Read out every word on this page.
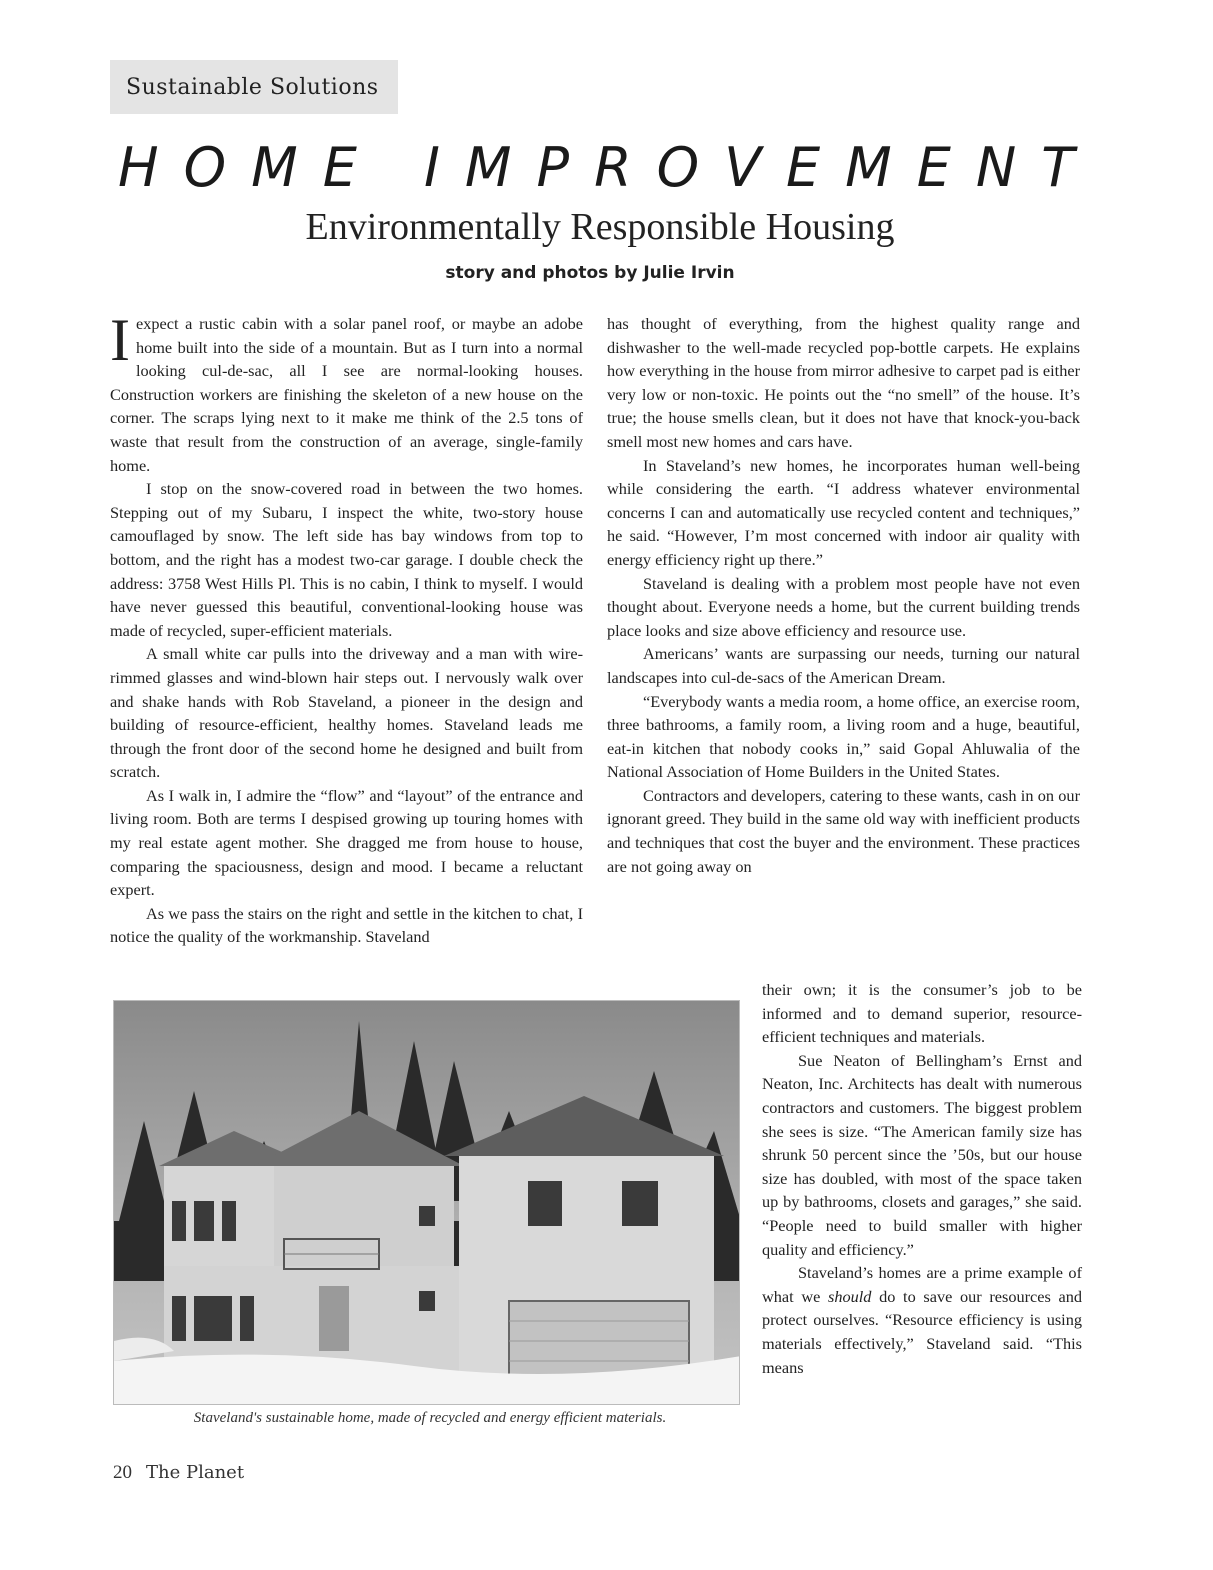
Sustainable Solutions
HOME IMPROVEMENT
Environmentally Responsible Housing
story and photos by Julie Irvin

I expect a rustic cabin with a solar panel roof, or maybe an adobe home built into the side of a mountain. But as I turn into a normal looking cul-de-sac, all I see are normal-looking houses. Construction workers are finishing the skeleton of a new house on the corner. The scraps lying next to it make me think of the 2.5 tons of waste that result from the construction of an average, single-family home.

I stop on the snow-covered road in between the two homes. Stepping out of my Subaru, I inspect the white, two-story house camouflaged by snow. The left side has bay windows from top to bottom, and the right has a modest two-car garage. I double check the address: 3758 West Hills Pl. This is no cabin, I think to myself. I would have never guessed this beautiful, conventional-looking house was made of recycled, super-efficient materials.

A small white car pulls into the driveway and a man with wire-rimmed glasses and wind-blown hair steps out. I nervously walk over and shake hands with Rob Staveland, a pioneer in the design and building of resource-efficient, healthy homes. Staveland leads me through the front door of the second home he designed and built from scratch.

As I walk in, I admire the “flow” and “layout” of the entrance and living room. Both are terms I despised growing up touring homes with my real estate agent mother. She dragged me from house to house, comparing the spaciousness, design and mood. I became a reluctant expert.

As we pass the stairs on the right and settle in the kitchen to chat, I notice the quality of the workmanship. Staveland

has thought of everything, from the highest quality range and dishwasher to the well-made recycled pop-bottle carpets. He explains how everything in the house from mirror adhesive to carpet pad is either very low or non-toxic. He points out the “no smell” of the house. It’s true; the house smells clean, but it does not have that knock-you-back smell most new homes and cars have.

In Staveland’s new homes, he incorporates human well-being while considering the earth. “I address whatever environmental concerns I can and automatically use recycled content and techniques,” he said. “However, I’m most concerned with indoor air quality with energy efficiency right up there.”

Staveland is dealing with a problem most people have not even thought about. Everyone needs a home, but the current building trends place looks and size above efficiency and resource use.

Americans’ wants are surpassing our needs, turning our natural landscapes into cul-de-sacs of the American Dream.

“Everybody wants a media room, a home office, an exercise room, three bathrooms, a family room, a living room and a huge, beautiful, eat-in kitchen that nobody cooks in,” said Gopal Ahluwalia of the National Association of Home Builders in the United States.

Contractors and developers, catering to these wants, cash in on our ignorant greed. They build in the same old way with inefficient products and techniques that cost the buyer and the environment. These practices are not going away on

their own; it is the consumer’s job to be informed and to demand superior, resource-efficient techniques and materials.

Sue Neaton of Bellingham’s Ernst and Neaton, Inc. Architects has dealt with numerous contractors and customers. The biggest problem she sees is size. “The American family size has shrunk 50 percent since the ’50s, but our house size has doubled, with most of the space taken up by bathrooms, closets and garages,” she said. “People need to build smaller with higher quality and efficiency.”

Staveland’s homes are a prime example of what we should do to save our resources and protect ourselves. “Resource efficiency is using materials effectively,” Staveland said. “This means

Staveland's sustainable home, made of recycled and energy efficient materials.
20 The Planet
